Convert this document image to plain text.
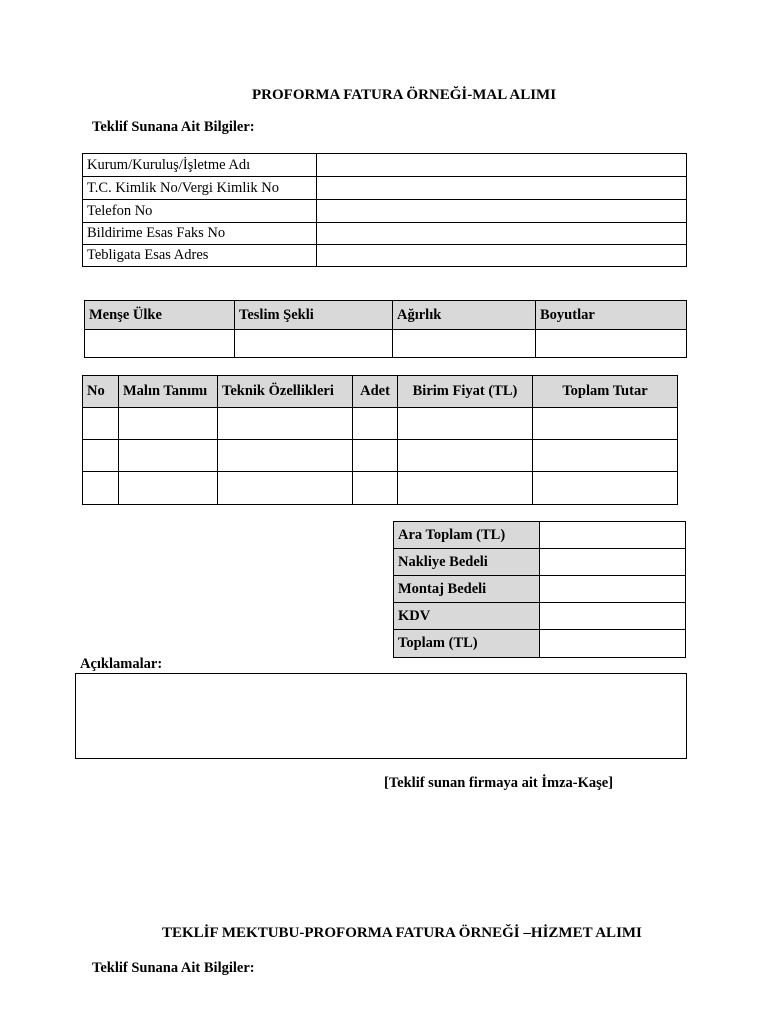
PROFORMA FATURA ÖRNEĞİ-MAL ALIMI
Teklif Sunana Ait Bilgiler:
Kurum/Kuruluş/İşletme Adı	
T.C. Kimlik No/Vergi Kimlik No	
Telefon No	
Bildirime Esas Faks No	
Tebligata Esas Adres	
Menşe Ülke	Teslim Şekli	Ağırlık	Boyutlar

No	Malın Tanımı	Teknik Özellikleri	Adet	Birim Fiyat (TL)	Toplam Tutar

Ara Toplam (TL)	
Nakliye Bedeli	
Montaj Bedeli	
KDV	
Toplam (TL)	
Açıklamalar:
[Teklif sunan firmaya ait İmza-Kaşe]
TEKLİF MEKTUBU-PROFORMA FATURA ÖRNEĞİ –HİZMET ALIMI
Teklif Sunana Ait Bilgiler:
